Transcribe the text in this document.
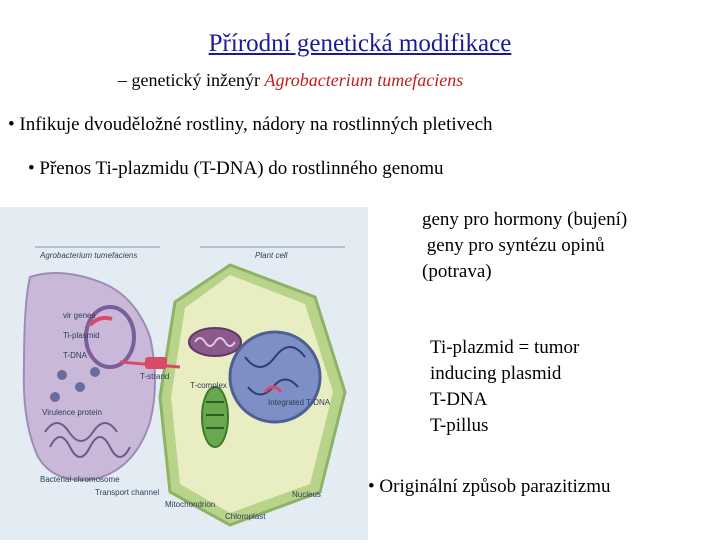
Přírodní genetická modifikace
– genetický inženýr Agrobacterium tumefaciens
• Infikuje dvouděložné rostliny, nádory na rostlinných pletivech
• Přenos Ti-plazmidu (T-DNA) do rostlinného genomu
geny pro hormony (bujení)
geny pro syntézu opinů
(potrava)
Ti-plazmid = tumor
inducing plasmid
T-DNA
T-pillus
• Originální způsob parazitizmu
Agrobacterium tumefaciens	Plant cell
vir genes
Ti-plasmid
T-DNA
T-strand
T-complex
Virulence protein
Integrated T-DNA
Bacterial chromosome
Transport channel
Mitochondrion
Nucleus
Chloroplast
